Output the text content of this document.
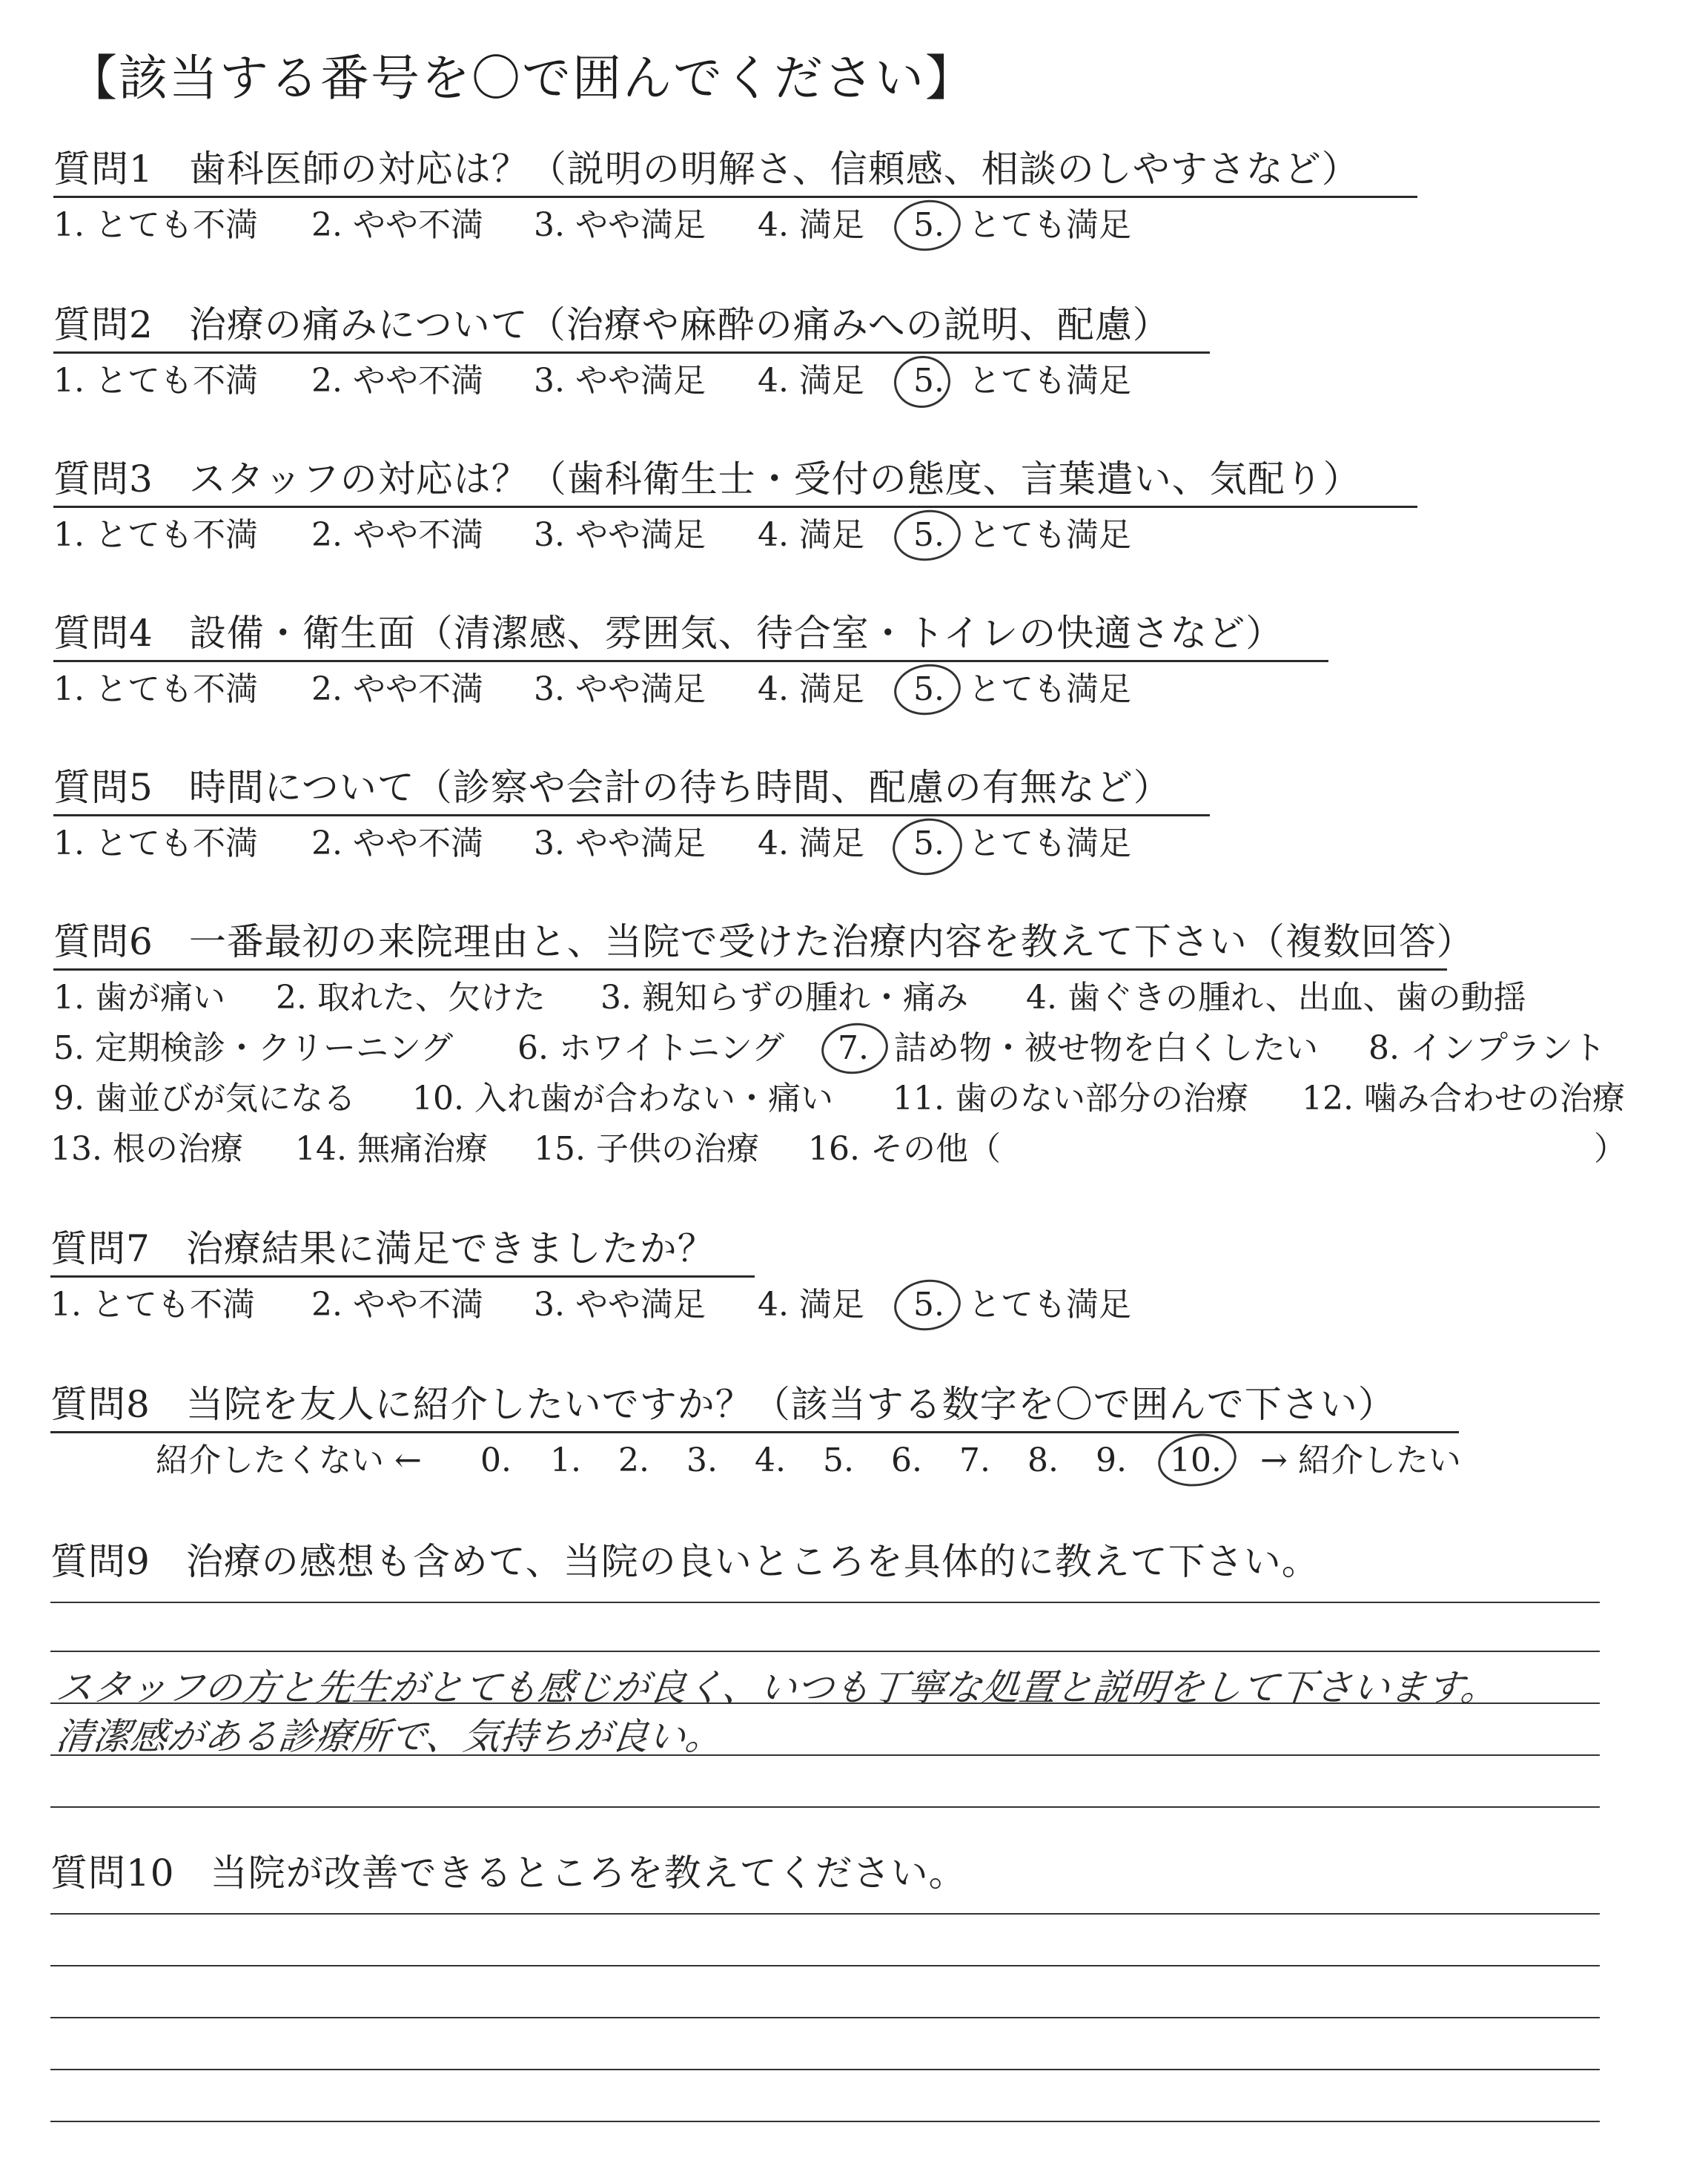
【該当する番号を〇で囲んでください】
質問1 歯科医師の対応は？（説明の明解さ、信頼感、相談のしやすさなど）
1. とても不満 2. やや不満 3. やや満足 4. 満足 5. とても満足
質問2 治療の痛みについて（治療や麻酔の痛みへの説明、配慮）
1. とても不満 2. やや不満 3. やや満足 4. 満足 5. とても満足
質問3 スタッフの対応は？（歯科衛生士・受付の態度、言葉遣い、気配り）
1. とても不満 2. やや不満 3. やや満足 4. 満足 5. とても満足
質問4 設備・衛生面（清潔感、雰囲気、待合室・トイレの快適さなど）
1. とても不満 2. やや不満 3. やや満足 4. 満足 5. とても満足
質問5 時間について（診察や会計の待ち時間、配慮の有無など）
1. とても不満 2. やや不満 3. やや満足 4. 満足 5. とても満足
質問6 一番最初の来院理由と、当院で受けた治療内容を教えて下さい（複数回答）
1. 歯が痛い 2. 取れた、欠けた 3. 親知らずの腫れ・痛み 4. 歯ぐきの腫れ、出血、歯の動揺
5. 定期検診・クリーニング 6. ホワイトニング 7. 詰め物・被せ物を白くしたい 8. インプラント
9. 歯並びが気になる 10. 入れ歯が合わない・痛い 11. 歯のない部分の治療 12. 噛み合わせの治療
13. 根の治療 14. 無痛治療 15. 子供の治療 16. その他（	）
質問7 治療結果に満足できましたか？
1. とても不満 2. やや不満 3. やや満足 4. 満足 5. とても満足
質問8 当院を友人に紹介したいですか？（該当する数字を〇で囲んで下さい）
紹介したくない ← 0. 1. 2. 3. 4. 5. 6. 7. 8. 9. 10. → 紹介したい
質問9 治療の感想も含めて、当院の良いところを具体的に教えて下さい。
スタッフの方と先生がとても感じが良く、いつも丁寧な処置と説明をして下さいます。
清潔感がある診療所で、気持ちが良い。
質問10 当院が改善できるところを教えてください。
